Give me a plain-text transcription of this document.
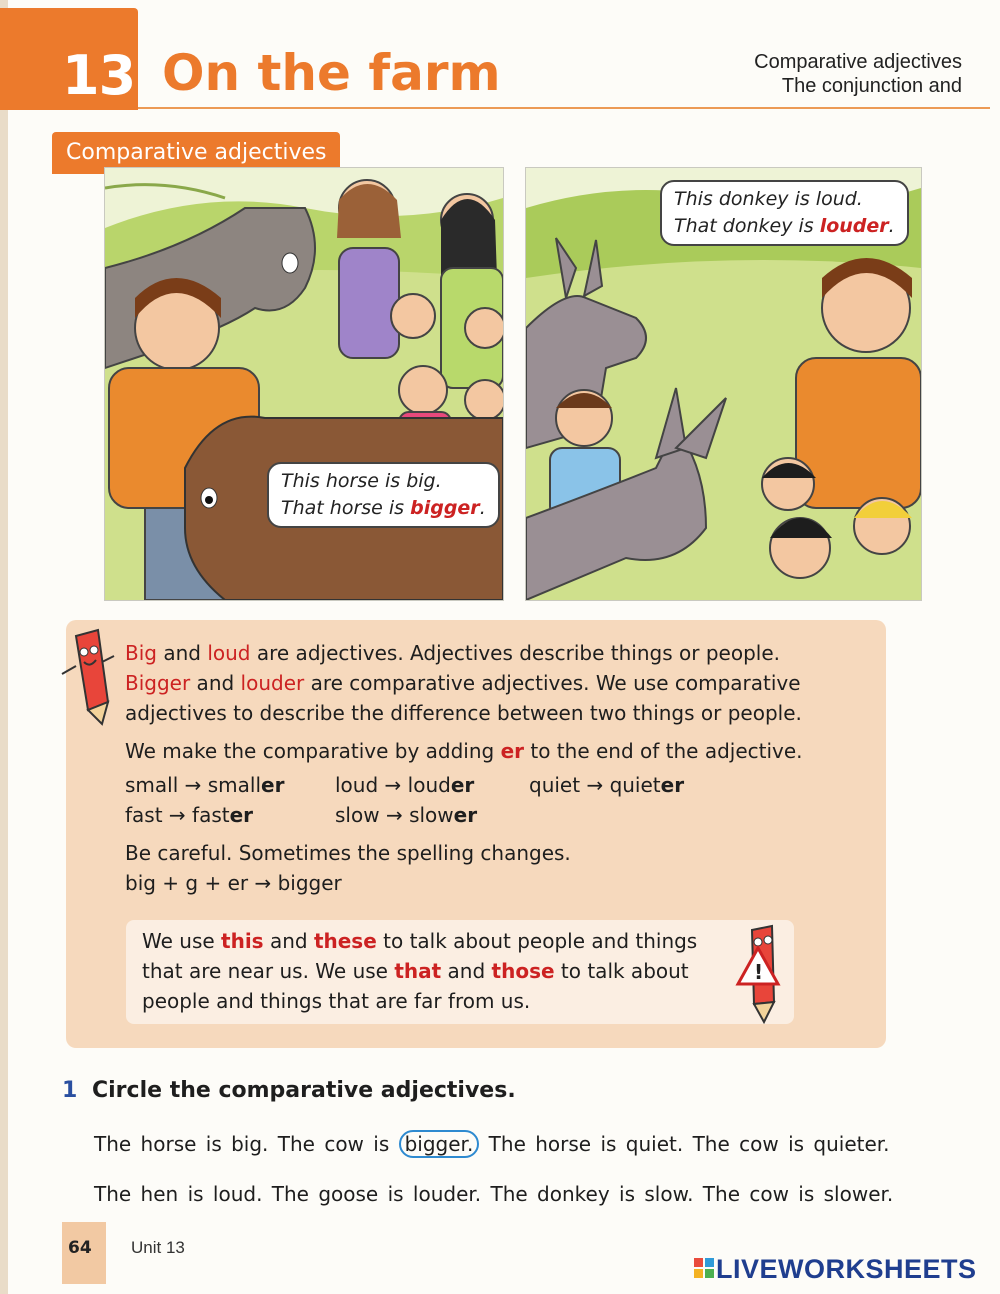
13 On the farm	Comparative adjectives
The conjunction and
Comparative adjectives
This horse is big.
That horse is bigger.
This donkey is loud.
That donkey is louder.
Big and loud are adjectives. Adjectives describe things or people.
Bigger and louder are comparative adjectives. We use comparative
adjectives to describe the difference between two things or people.
We make the comparative by adding er to the end of the adjective.
small → smaller	loud → louder	quiet → quieter
fast → faster	slow → slower
Be careful. Sometimes the spelling changes.
big + g + er → bigger
We use this and these to talk about people and things
that are near us. We use that and those to talk about
people and things that are far from us.
!
1 Circle the comparative adjectives.
The horse is big. The cow is bigger. The horse is quiet. The cow is quieter.
The hen is loud. The goose is louder. The donkey is slow. The cow is slower.
64 Unit 13
LIVEWORKSHEETS
